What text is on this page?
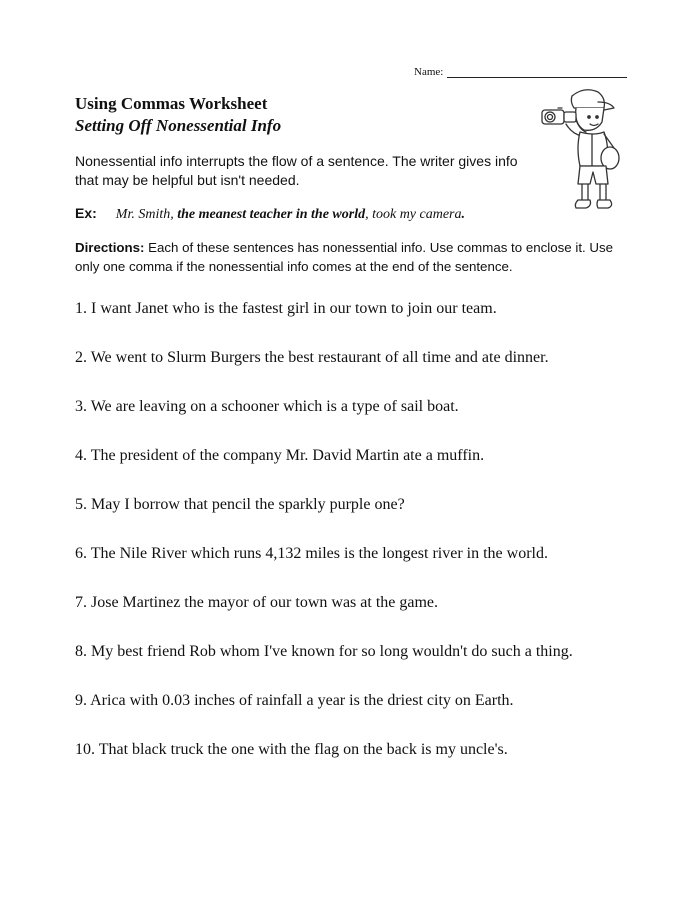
Name:
Using Commas Worksheet
Setting Off Nonessential Info
Nonessential info interrupts the flow of a sentence. The writer gives info that may be helpful but isn't needed.
Ex: Mr. Smith, the meanest teacher in the world, took my camera.
Directions: Each of these sentences has nonessential info. Use commas to enclose it. Use only one comma if the nonessential info comes at the end of the sentence.
1. I want Janet who is the fastest girl in our town to join our team.
2. We went to Slurm Burgers the best restaurant of all time and ate dinner.
3. We are leaving on a schooner which is a type of sail boat.
4. The president of the company Mr. David Martin ate a muffin.
5. May I borrow that pencil the sparkly purple one?
6. The Nile River which runs 4,132 miles is the longest river in the world.
7. Jose Martinez the mayor of our town was at the game.
8. My best friend Rob whom I've known for so long wouldn't do such a thing.
9. Arica with 0.03 inches of rainfall a year is the driest city on Earth.
10. That black truck the one with the flag on the back is my uncle's.
